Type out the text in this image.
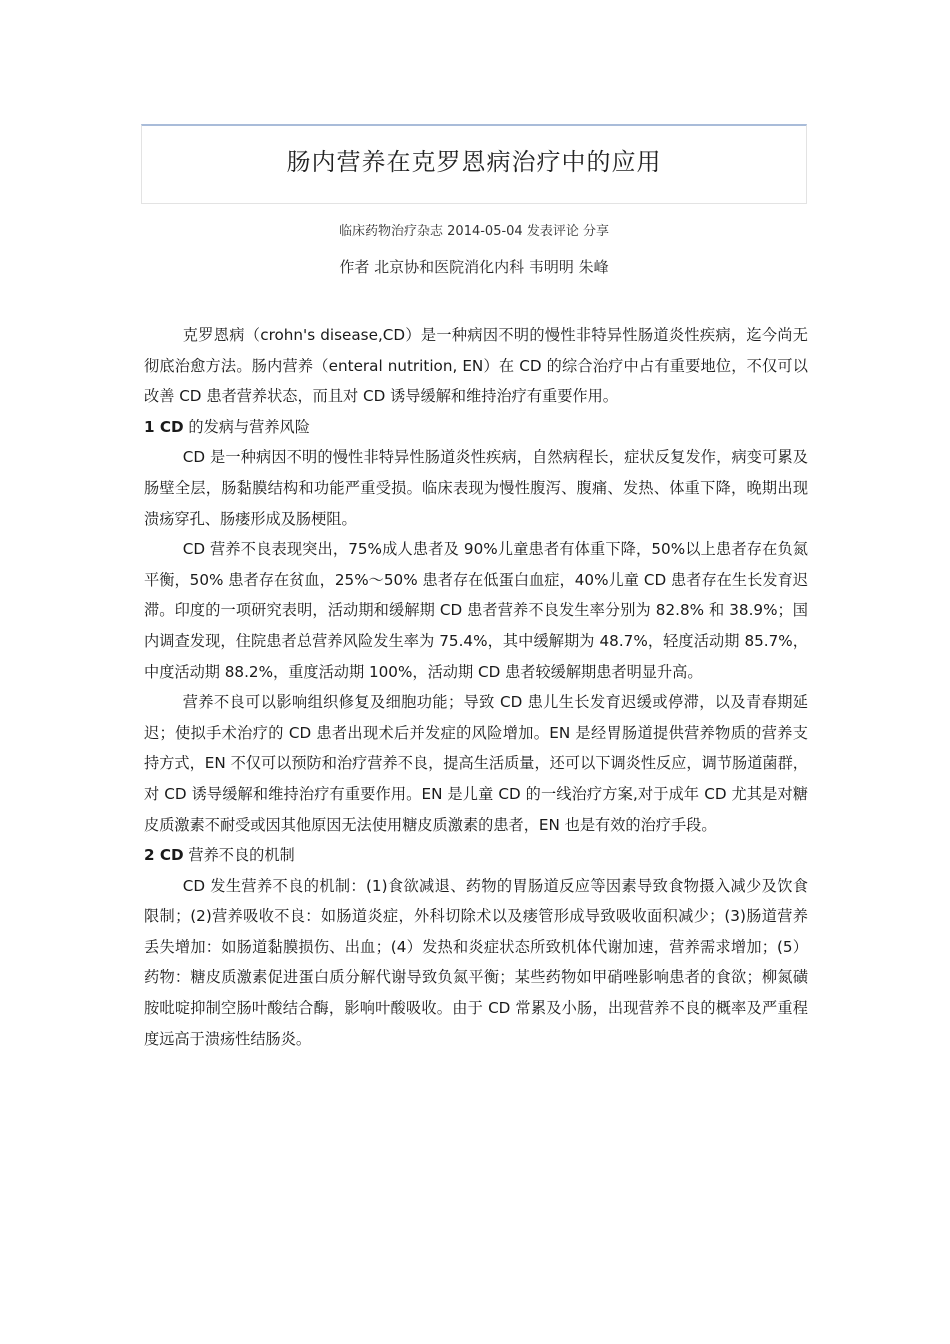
肠内营养在克罗恩病治疗中的应用
临床药物治疗杂志 2014-05-04 发表评论 分享
作者 北京协和医院消化内科 韦明明 朱峰

克罗恩病（crohn's disease,CD）是一种病因不明的慢性非特异性肠道炎性疾病，迄今尚无彻底治愈方法。肠内营养（enteral nutrition, EN）在 CD 的综合治疗中占有重要地位，不仅可以改善 CD 患者营养状态，而且对 CD 诱导缓解和维持治疗有重要作用。

1 CD 的发病与营养风险

CD 是一种病因不明的慢性非特异性肠道炎性疾病，自然病程长，症状反复发作，病变可累及肠壁全层，肠黏膜结构和功能严重受损。临床表现为慢性腹泻、腹痛、发热、体重下降，晚期出现溃疡穿孔、肠瘘形成及肠梗阻。

CD 营养不良表现突出，75%成人患者及 90%儿童患者有体重下降，50%以上患者存在负氮平衡，50% 患者存在贫血，25%～50% 患者存在低蛋白血症，40%儿童 CD 患者存在生长发育迟滞。印度的一项研究表明，活动期和缓解期 CD 患者营养不良发生率分别为 82.8% 和 38.9%；国内调查发现，住院患者总营养风险发生率为 75.4%，其中缓解期为 48.7%，轻度活动期 85.7%，中度活动期 88.2%，重度活动期 100%，活动期 CD 患者较缓解期患者明显升高。

营养不良可以影响组织修复及细胞功能；导致 CD 患儿生长发育迟缓或停滞，以及青春期延迟；使拟手术治疗的 CD 患者出现术后并发症的风险增加。EN 是经胃肠道提供营养物质的营养支持方式，EN 不仅可以预防和治疗营养不良，提高生活质量，还可以下调炎性反应，调节肠道菌群，对 CD 诱导缓解和维持治疗有重要作用。EN 是儿童 CD 的一线治疗方案,对于成年 CD 尤其是对糖皮质激素不耐受或因其他原因无法使用糖皮质激素的患者，EN 也是有效的治疗手段。

2 CD 营养不良的机制

CD 发生营养不良的机制：(1)食欲减退、药物的胃肠道反应等因素导致食物摄入减少及饮食限制；(2)营养吸收不良：如肠道炎症，外科切除术以及瘘管形成导致吸收面积减少；(3)肠道营养丢失增加：如肠道黏膜损伤、出血；(4）发热和炎症状态所致机体代谢加速，营养需求增加；(5）药物：糖皮质激素促进蛋白质分解代谢导致负氮平衡；某些药物如甲硝唑影响患者的食欲；柳氮磺胺吡啶抑制空肠叶酸结合酶，影响叶酸吸收。由于 CD 常累及小肠，出现营养不良的概率及严重程度远高于溃疡性结肠炎。
